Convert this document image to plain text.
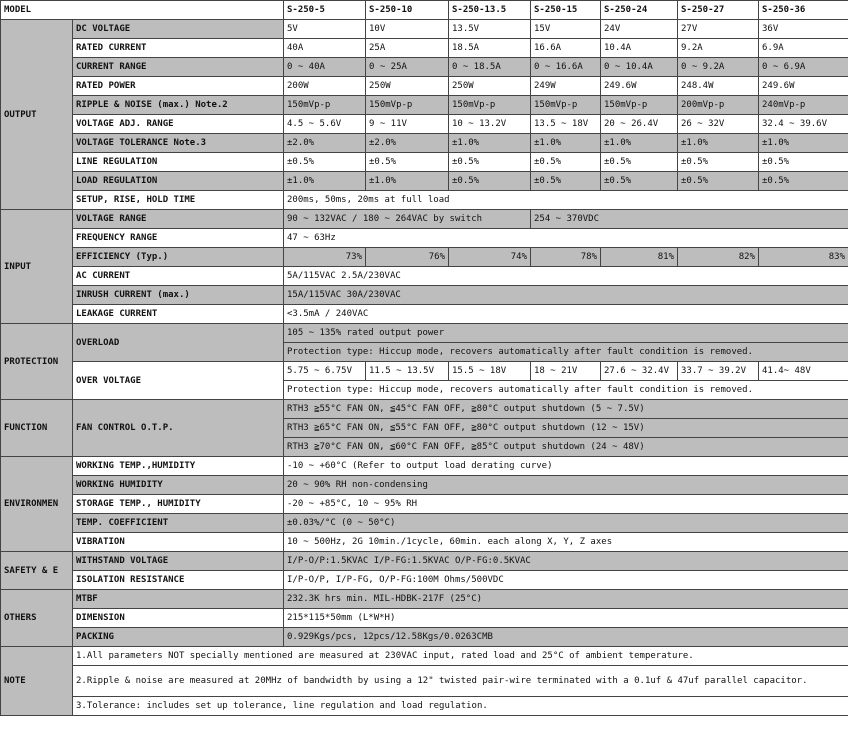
MODEL		S-250-5	S-250-10	S-250-13.5	S-250-15	S-250-24	S-250-27	S-250-36
OUTPUT	DC VOLTAGE	5V	10V	13.5V	15V	24V	27V	36V
	RATED CURRENT	40A	25A	18.5A	16.6A	10.4A	9.2A	6.9A
	CURRENT RANGE	0 ~ 40A	0 ~ 25A	0 ~ 18.5A	0 ~ 16.6A	0 ~ 10.4A	0 ~ 9.2A	0 ~ 6.9A
	RATED POWER	200W	250W	250W	249W	249.6W	248.4W	249.6W
	RIPPLE & NOISE (max.) Note.2	150mVp-p	150mVp-p	150mVp-p	150mVp-p	150mVp-p	200mVp-p	240mVp-p
	VOLTAGE ADJ. RANGE	4.5 ~ 5.6V	9 ~ 11V	10 ~ 13.2V	13.5 ~ 18V	20 ~ 26.4V	26 ~ 32V	32.4 ~ 39.6V
	VOLTAGE TOLERANCE Note.3	±2.0%	±2.0%	±1.0%	±1.0%	±1.0%	±1.0%	±1.0%
	LINE REGULATION	±0.5%	±0.5%	±0.5%	±0.5%	±0.5%	±0.5%	±0.5%
	LOAD REGULATION	±1.0%	±1.0%	±0.5%	±0.5%	±0.5%	±0.5%	±0.5%
	SETUP, RISE, HOLD TIME	200ms, 50ms, 20ms at full load						
INPUT	VOLTAGE RANGE	90 ~ 132VAC / 180 ~ 264VAC by switch			254 ~ 370VDC			
	FREQUENCY RANGE	47 ~ 63Hz						
	EFFICIENCY (Typ.)	73%	76%	74%	78%	81%	82%	83%
	AC CURRENT	5A/115VAC 2.5A/230VAC						
	INRUSH CURRENT (max.)	15A/115VAC 30A/230VAC						
	LEAKAGE CURRENT	<3.5mA / 240VAC						
PROTECTION	OVERLOAD	105 ~ 135% rated output power						
		Protection type: Hiccup mode, recovers automatically after fault condition is removed.						
	OVER VOLTAGE	5.75 ~ 6.75V	11.5 ~ 13.5V	15.5 ~ 18V	18 ~ 21V	27.6 ~ 32.4V	33.7 ~ 39.2V	41.4~ 48V
		Protection type: Hiccup mode, recovers automatically after fault condition is removed.						
FUNCTION	FAN CONTROL O.T.P.	RTH3 ≧55°C FAN ON, ≦45°C FAN OFF, ≧80°C output shutdown (5 ~ 7.5V)						
		RTH3 ≧65°C FAN ON, ≦55°C FAN OFF, ≧80°C output shutdown (12 ~ 15V)						
		RTH3 ≧70°C FAN ON, ≦60°C FAN OFF, ≧85°C output shutdown (24 ~ 48V)						
ENVIRONMEN	WORKING TEMP.,HUMIDITY	-10 ~ +60°C (Refer to output load derating curve)						
	WORKING HUMIDITY	20 ~ 90% RH non-condensing						
	STORAGE TEMP., HUMIDITY	-20 ~ +85°C, 10 ~ 95% RH						
	TEMP. COEFFICIENT	±0.03%/°C (0 ~ 50°C)						
	VIBRATION	10 ~ 500Hz, 2G 10min./1cycle, 60min. each along X, Y, Z axes						
SAFETY & E	WITHSTAND VOLTAGE	I/P-O/P:1.5KVAC I/P-FG:1.5KVAC O/P-FG:0.5KVAC						
	ISOLATION RESISTANCE	I/P-O/P, I/P-FG, O/P-FG:100M Ohms/500VDC						
OTHERS	MTBF	232.3K hrs min. MIL-HDBK-217F (25°C)						
	DIMENSION	215*115*50mm (L*W*H)						
	PACKING	0.929Kgs/pcs, 12pcs/12.58Kgs/0.0263CMB						
NOTE	1.All parameters NOT specially mentioned are measured at 230VAC input, rated load and 25°C of ambient temperature.							
	2.Ripple & noise are measured at 20MHz of bandwidth by using a 12" twisted pair-wire terminated with a 0.1uf & 47uf parallel capacitor.							
	3.Tolerance: includes set up tolerance, line regulation and load regulation.							
